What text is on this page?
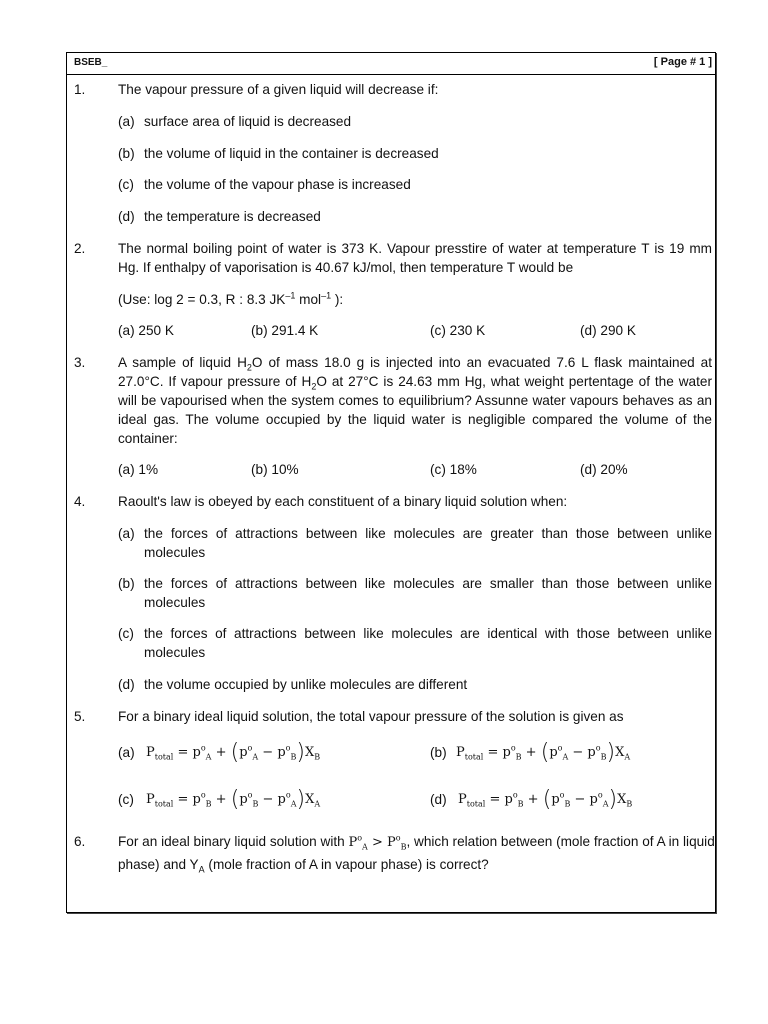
BSEB_	[ Page # 1 ]
1. The vapour pressure of a given liquid will decrease if:
(a) surface area of liquid is decreased
(b) the volume of liquid in the container is decreased
(c) the volume of the vapour phase is increased
(d) the temperature is decreased
2. The normal boiling point of water is 373 K. Vapour presstire of water at temperature T is 19 mm Hg. If enthalpy of vaporisation is 40.67 kJ/mol, then temperature T would be
(Use: log 2 = 0.3, R : 8.3 $JK^{-1}$ mol$^{-1}$ ):
(a) 250 K	(b) 291.4 K	(c) 230 K	(d) 290 K
3. A sample of liquid $H_2O$ of mass 18.0 g is injected into an evacuated 7.6 L flask maintained at 27.0°C. If vapour pressure of $H_2O$ at 27°C is 24.63 mm Hg, what weight pertentage of the water will be vapourised when the system comes to equilibrium? Assunne water vapours behaves as an ideal gas. The volume occupied by the liquid water is negligible compared the volume of the container:
(a) 1%	(b) 10%	(c) 18%	(d) 20%
4. Raoult's law is obeyed by each constituent of a binary liquid solution when:
(a) the forces of attractions between like molecules are greater than those between unlike molecules
(b) the forces of attractions between like molecules are smaller than those between unlike molecules
(c) the forces of attractions between like molecules are identical with those between unlike molecules
(d) the volume occupied by unlike molecules are different
5. For a binary ideal liquid solution, the total vapour pressure of the solution is given as
(a) $P_{total} = p^o_A + (p^o_A - p^o_B)X_B$	(b) $P_{total} = p^o_B + (p^o_A - p^o_B)X_A$
(c) $P_{total} = p^o_B + (p^o_B - p^o_A)X_A$	(d) $P_{total} = p^o_B + (p^o_B - p^o_A)X_B$
6. For an ideal binary liquid solution with $P^o_A > P^o_B$, which relation between (mole fraction of A in liquid
phase) and $Y_A$ (mole fraction of A in vapour phase) is correct?
